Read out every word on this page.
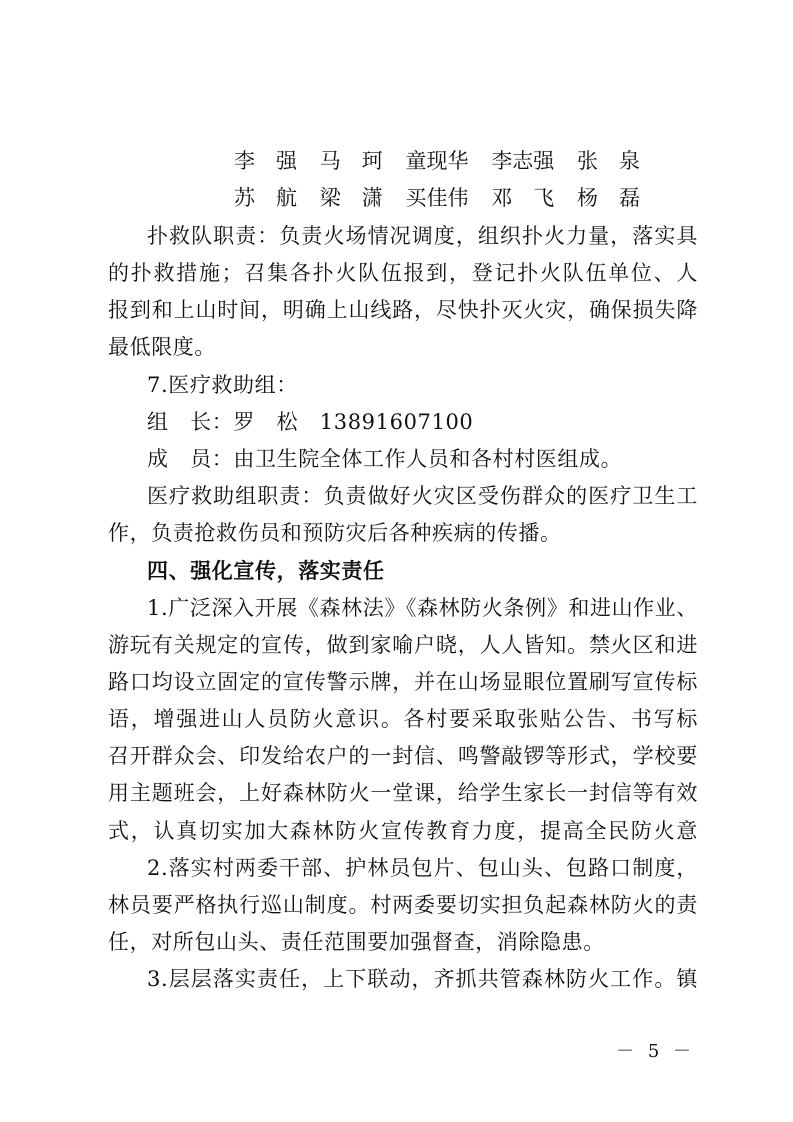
李　强 马　珂 童现华 李志强 张　泉
苏　航 梁　潇 买佳伟 邓　飞 杨　磊
扑救队职责：负责火场情况调度，组织扑火力量，落实具
的扑救措施；召集各扑火队伍报到，登记扑火队伍单位、人
报到和上山时间，明确上山线路，尽快扑灭火灾，确保损失降
最低限度。
7.医疗救助组：
组　长：罗　松　13891607100
成　员：由卫生院全体工作人员和各村村医组成。
医疗救助组职责：负责做好火灾区受伤群众的医疗卫生工
作，负责抢救伤员和预防灾后各种疾病的传播。
四、强化宣传，落实责任
1.广泛深入开展《森林法》《森林防火条例》和进山作业、
游玩有关规定的宣传，做到家喻户晓，人人皆知。禁火区和进
路口均设立固定的宣传警示牌，并在山场显眼位置刷写宣传标
语，增强进山人员防火意识。各村要采取张贴公告、书写标
召开群众会、印发给农户的一封信、鸣警敲锣等形式，学校要
用主题班会，上好森林防火一堂课，给学生家长一封信等有效
式，认真切实加大森林防火宣传教育力度，提高全民防火意
2.落实村两委干部、护林员包片、包山头、包路口制度，
林员要严格执行巡山制度。村两委要切实担负起森林防火的责
任，对所包山头、责任范围要加强督查，消除隐患。
3.层层落实责任，上下联动，齐抓共管森林防火工作。镇
－ 5 －
